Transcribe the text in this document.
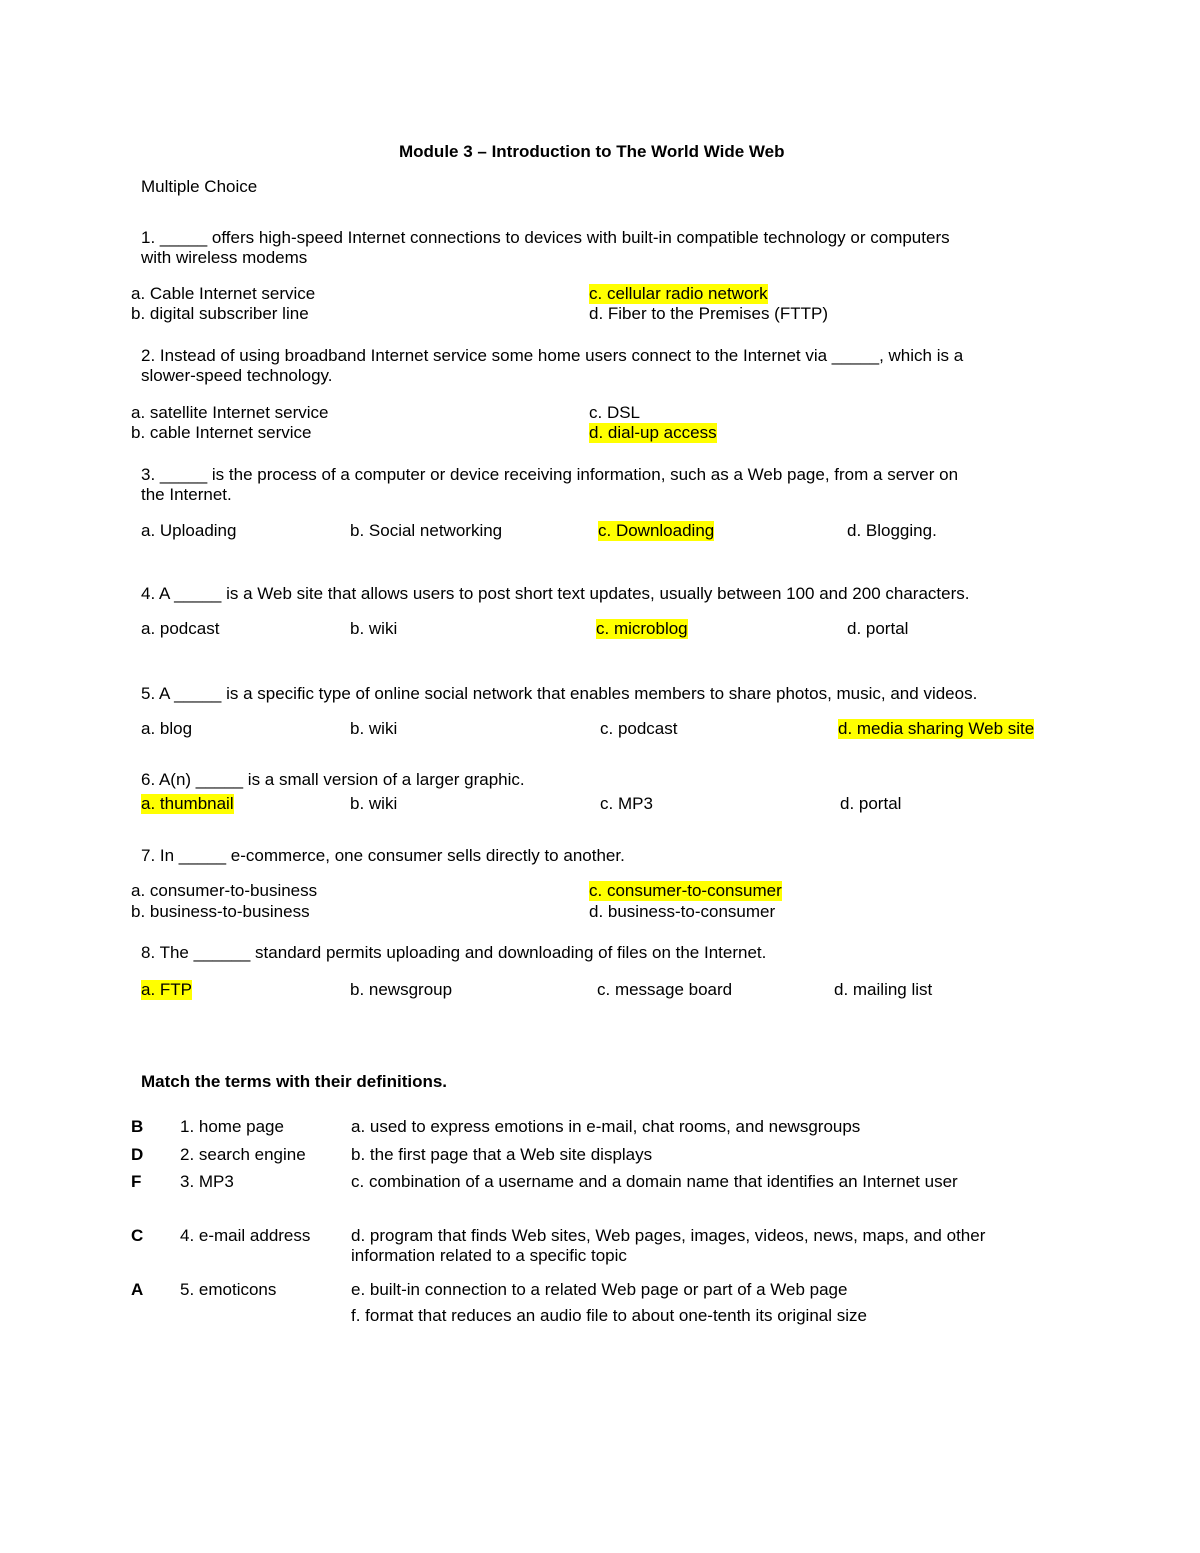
Module 3 – Introduction to The World Wide Web
Multiple Choice
1. _____ offers high-speed Internet connections to devices with built-in compatible technology or computers
with wireless modems
a. Cable Internet service
b. digital subscriber line
c. cellular radio network
d. Fiber to the Premises (FTTP)
2. Instead of using broadband Internet service some home users connect to the Internet via _____, which is a
slower-speed technology.
a. satellite Internet service
b. cable Internet service
c. DSL
d. dial-up access
3. _____ is the process of a computer or device receiving information, such as a Web page, from a server on
the Internet.
a. Uploading	b. Social networking	c. Downloading	d. Blogging.
4. A _____ is a Web site that allows users to post short text updates, usually between 100 and 200 characters.
a. podcast	b. wiki	c. microblog	d. portal
5. A _____ is a specific type of online social network that enables members to share photos, music, and videos.
a. blog	b. wiki	c. podcast	d. media sharing Web site
6. A(n) _____ is a small version of a larger graphic.
a. thumbnail	b. wiki	c. MP3	d. portal
7. In _____ e-commerce, one consumer sells directly to another.
a. consumer-to-business
b. business-to-business
c. consumer-to-consumer
d. business-to-consumer
8. The ______ standard permits uploading and downloading of files on the Internet.
a. FTP	b. newsgroup	c. message board	d. mailing list
Match the terms with their definitions.
B 1. home page	a. used to express emotions in e-mail, chat rooms, and newsgroups
D 2. search engine	b. the first page that a Web site displays
F 3. MP3	c. combination of a username and a domain name that identifies an Internet user
C 4. e-mail address d. program that finds Web sites, Web pages, images, videos, news, maps, and other
information related to a specific topic
A 5. emoticons	e. built-in connection to a related Web page or part of a Web page
f. format that reduces an audio file to about one-tenth its original size
